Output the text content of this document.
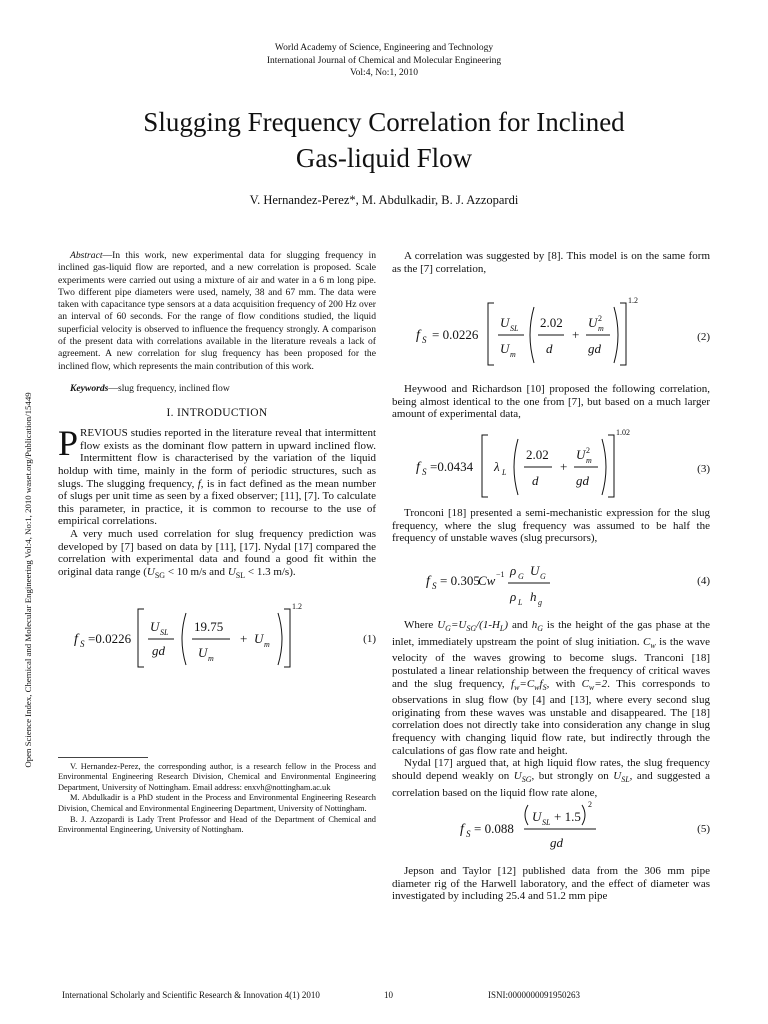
World Academy of Science, Engineering and Technology
International Journal of Chemical and Molecular Engineering
Vol:4, No:1, 2010
Slugging Frequency Correlation for Inclined
Gas-liquid Flow
V. Hernandez-Perez*, M. Abdulkadir, B. J. Azzopardi
Open Science Index, Chemical and Molecular Engineering Vol:4, No:1, 2010 waset.org/Publication/15449

Abstract—In this work, new experimental data for slugging frequency in inclined gas-liquid flow are reported, and a new correlation is proposed. Scale experiments were carried out using a mixture of air and water in a 6 m long pipe. Two different pipe diameters were used, namely, 38 and 67 mm. The data were taken with capacitance type sensors at a data acquisition frequency of 200 Hz over an interval of 60 seconds. For the range of flow conditions studied, the liquid superficial velocity is observed to influence the frequency strongly. A comparison of the present data with correlations available in the literature reveals a lack of agreement. A new correlation for slug frequency has been proposed for the inclined flow, which represents the main contribution of this work.

Keywords—slug frequency, inclined flow

I. INTRODUCTION

PREVIOUS studies reported in the literature reveal that intermittent flow exists as the dominant flow pattern in upward inclined flow. Intermittent flow is characterised by the variation of the liquid holdup with time, mainly in the form of periodic structures, such as slugs. The slugging frequency, f, is in fact defined as the mean number of slugs per unit time as seen by a fixed observer; [11], [7]. To calculate this parameter, in practice, it is common to recourse to the use of empirical correlations.

A very much used correlation for slug frequency prediction was developed by [7] based on data by [11], [17]. Nydal [17] compared the correlation with experimental data and found a good fit within the original data range ($U_{SG} < 10$ m/s and $U_{SL} < 1.3$ m/s).

f S =0.0226
U SL
gd
19.75
U m
+ U m
1.2
(1)

V. Hernandez-Perez, the corresponding author, is a research fellow in the Process and Environmental Engineering Research Division, Chemical and Environmental Engineering Department, University of Nottingham. Email address: enxvh@nottingham.ac.uk

M. Abdulkadir is a PhD student in the Process and Environmental Engineering Research Division, Chemical and Environmental Engineering Department, University of Nottingham.

B. J. Azzopardi is Lady Trent Professor and Head of the Department of Chemical and Environmental Engineering, University of Nottingham.

A correlation was suggested by [8]. This model is on the same form as the [7] correlation,

f S = 0.0226
U SL
U m
2.02
d
+
U m
2
gd
1.2
(2)

Heywood and Richardson [10] proposed the following correlation, being almost identical to the one from [7], but based on a much larger amount of experimental data,

f S =0.0434 λ L
2.02
d
+
U m
2
gd
1.02
(3)

Tronconi [18] presented a semi-mechanistic expression for the slug frequency, where the slug frequency was assumed to be half the frequency of unstable waves (slug precursors),

f S = 0.305
Cw −1 ρ G U G
ρ L h g
(4)

Where $U_G=U_{SG}/(1-H_L)$ and $h_G$ is the height of the gas phase at the inlet, immediately upstream the point of slug initiation. $C_w$ is the wave velocity of the waves growing to become slugs. Tranconi [18] postulated a linear relationship between the frequency of critical waves and the slug frequency, $f_w=C_wf_S$, with $C_w=2$. This corresponds to observations in slug flow (by [4] and [13], where every second slug originating from these waves was unstable and disappeared. The [18] correlation does not directly take into consideration any change in slug frequency with changing liquid flow rate, but indirectly through the calculations of gas flow rate and height.

Nydal [17] argued that, at high liquid flow rates, the slug frequency should depend weakly on $U_{SG}$, but strongly on $U_{SL}$, and suggested a correlation based on the liquid flow rate alone,

f S = 0.088
U SL + 1.5
2
gd
(5)

Jepson and Taylor [12] published data from the 306 mm pipe diameter rig of the Harwell laboratory, and the effect of diameter was investigated by including 25.4 and 51.2 mm pipe

International Scholarly and Scientific Research & Innovation 4(1) 2010	10	ISNI:0000000091950263
